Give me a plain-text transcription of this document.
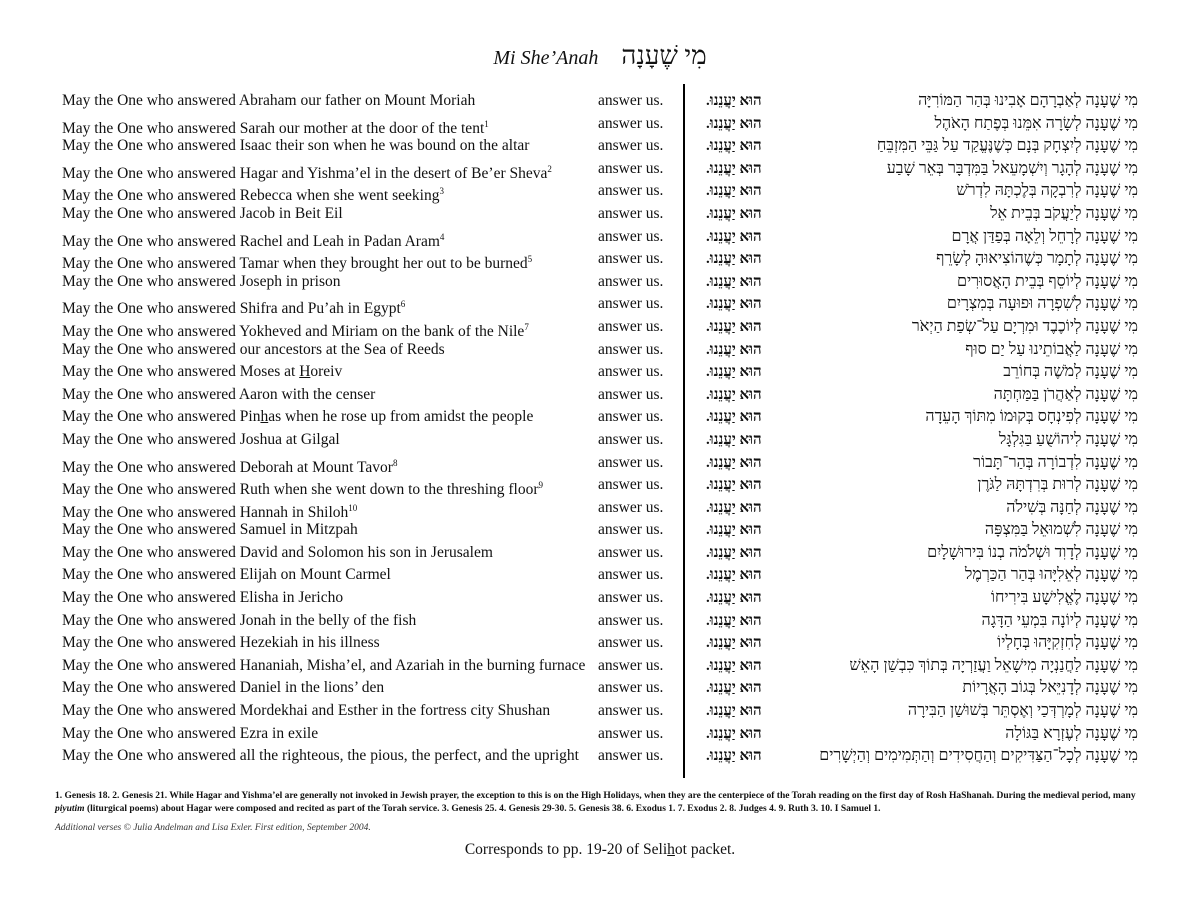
Mi She’Anah מִי שֶׁעָנָה
May the One who answered Abraham our father on Mount Moriah	answer us.	הוּא יַעֲנֵנוּ.	מִי שֶׁעָנָה לְאַבְרָהָם אָבִינוּ בְּהַר הַמּוֹרִיָּה
May the One who answered Sarah our mother at the door of the tent$^1$	answer us.	הוּא יַעֲנֵנוּ.	מִי שֶׁעָנָה לְשָׂרָה אִמֵּנוּ בְּפֶתַח הָאֹהֶל
May the One who answered Isaac their son when he was bound on the altar	answer us.	הוּא יַעֲנֵנוּ.	מִי שֶׁעָנָה לְיִצְחָק בְּנָם כְּשֶׁנֶּעֱקַד עַל גַּבֵּי הַמִּזְבֵּחַ
May the One who answered Hagar and Yishma’el in the desert of Be’er Sheva$^2$	answer us.	הוּא יַעֲנֵנוּ.	מִי שֶׁעָנָה לְהָגָר וְיִשְׁמָעֵאל בַּמִּדְבָּר בְּאֵר שָׁבַע
May the One who answered Rebecca when she went seeking$^3$	answer us.	הוּא יַעֲנֵנוּ.	מִי שֶׁעָנָה לְרִבְקָה בְּלֶכְתָּהּ לִדְרֹשׁ
May the One who answered Jacob in Beit Eil	answer us.	הוּא יַעֲנֵנוּ.	מִי שֶׁעָנָה לְיַעֲקֹב בְּבֵית אֵל
May the One who answered Rachel and Leah in Padan Aram$^4$	answer us.	הוּא יַעֲנֵנוּ.	מִי שֶׁעָנָה לְרָחֵל וְלֵאָה בְּפַדַּן אֲרָם
May the One who answered Tamar when they brought her out to be burned$^5$	answer us.	הוּא יַעֲנֵנוּ.	מִי שֶׁעָנָה לְתָמָר כְּשֶׁהוֹצִיאוּהָ לְשָׂרֵף
May the One who answered Joseph in prison	answer us.	הוּא יַעֲנֵנוּ.	מִי שֶׁעָנָה לְיוֹסֵף בְּבֵית הָאֲסוּרִים
May the One who answered Shifra and Pu’ah in Egypt$^6$	answer us.	הוּא יַעֲנֵנוּ.	מִי שֶׁעָנָה לְשִׁפְרָה וּפוּעָה בְּמִצְרָיִם
May the One who answered Yokheved and Miriam on the bank of the Nile$^7$	answer us.	הוּא יַעֲנֵנוּ.	מִי שֶׁעָנָה לְיוֹכֶבֶד וּמִרְיָם עַל־שְׂפַת הַיְאֹר
May the One who answered our ancestors at the Sea of Reeds	answer us.	הוּא יַעֲנֵנוּ.	מִי שֶׁעָנָה לַאֲבוֹתֵינוּ עַל יַם סוּף
May the One who answered Moses at Horeiv	answer us.	הוּא יַעֲנֵנוּ.	מִי שֶׁעָנָה לְמֹשֶׁה בְּחוֹרֵב
May the One who answered Aaron with the censer	answer us.	הוּא יַעֲנֵנוּ.	מִי שֶׁעָנָה לְאַהֲרֹן בַּמַּחְתָּה
May the One who answered Pinhas when he rose up from amidst the people	answer us.	הוּא יַעֲנֵנוּ.	מִי שֶׁעָנָה לְפִינְחָס בְּקוּמוֹ מִתּוֹךְ הָעֵדָה
May the One who answered Joshua at Gilgal	answer us.	הוּא יַעֲנֵנוּ.	מִי שֶׁעָנָה לִיהוֹשֻׁעַ בַּגִּלְגָּל
May the One who answered Deborah at Mount Tavor$^8$	answer us.	הוּא יַעֲנֵנוּ.	מִי שֶׁעָנָה לִדְבוֹרָה בְּהַר־תָּבוֹר
May the One who answered Ruth when she went down to the threshing floor$^9$	answer us.	הוּא יַעֲנֵנוּ.	מִי שֶׁעָנָה לְרוּת בְּרִדְתָּהּ לַגֹּרֶן
May the One who answered Hannah in Shiloh$^{10}$	answer us.	הוּא יַעֲנֵנוּ.	מִי שֶׁעָנָה לְחַנָּה בְּשִׁילֹה
May the One who answered Samuel in Mitzpah	answer us.	הוּא יַעֲנֵנוּ.	מִי שֶׁעָנָה לִשְׁמוּאֵל בַּמִּצְפָּה
May the One who answered David and Solomon his son in Jerusalem	answer us.	הוּא יַעֲנֵנוּ.	מִי שֶׁעָנָה לְדָוִד וּשְׁלֹמֹה בְנוֹ בִּירוּשָׁלָיִם
May the One who answered Elijah on Mount Carmel	answer us.	הוּא יַעֲנֵנוּ.	מִי שֶׁעָנָה לְאֵלִיָּהוּ בְּהַר הַכַּרְמֶל
May the One who answered Elisha in Jericho	answer us.	הוּא יַעֲנֵנוּ.	מִי שֶׁעָנָה לֶאֱלִישָׁע בִּירִיחוֹ
May the One who answered Jonah in the belly of the fish	answer us.	הוּא יַעֲנֵנוּ.	מִי שֶׁעָנָה לְיוֹנָה בִּמְעֵי הַדָּגָה
May the One who answered Hezekiah in his illness	answer us.	הוּא יַעֲנֵנוּ.	מִי שֶׁעָנָה לְחִזְקִיָּהוּ בְּחָלְיוֹ
May the One who answered Hananiah, Misha’el, and Azariah in the burning furnace answer us.	הוּא יַעֲנֵנוּ.	מִי שֶׁעָנָה לַחֲנַנְיָה מִישָׁאֵל וַעֲזַרְיָה בְּתוֹךְ כִּבְשַׁן הָאֵשׁ
May the One who answered Daniel in the lions’ den	answer us.	הוּא יַעֲנֵנוּ.	מִי שֶׁעָנָה לְדָנִיֵּאל בְּגוֹב הָאֲרָיוֹת
May the One who answered Mordekhai and Esther in the fortress city Shushan	answer us.	הוּא יַעֲנֵנוּ.	מִי שֶׁעָנָה לְמָרְדְּכַי וְאֶסְתֵּר בְּשׁוּשַׁן הַבִּירָה
May the One who answered Ezra in exile	answer us.	הוּא יַעֲנֵנוּ.	מִי שֶׁעָנָה לְעֶזְרָא בַּגּוֹלָה
May the One who answered all the righteous, the pious, the perfect, and the upright answer us.	הוּא יַעֲנֵנוּ.	מִי שֶׁעָנָה לְכָל־הַצַּדִּיקִים וְהַחֲסִידִים וְהַתְּמִימִים וְהַיְשָׁרִים
1. Genesis 18. 2. Genesis 21. While Hagar and Yishma’el are generally not invoked in Jewish prayer, the exception to this is on the High Holidays, when they are the centerpiece of the Torah reading on the first day of Rosh HaShanah. During the medieval period, many piyutim (liturgical poems) about Hagar were composed and recited as part of the Torah service. 3. Genesis 25. 4. Genesis 29-30. 5. Genesis 38. 6. Exodus 1. 7. Exodus 2. 8. Judges 4. 9. Ruth 3. 10. I Samuel 1.
Additional verses © Julia Andelman and Lisa Exler. First edition, September 2004.
Corresponds to pp. 19-20 of Selihot packet.
